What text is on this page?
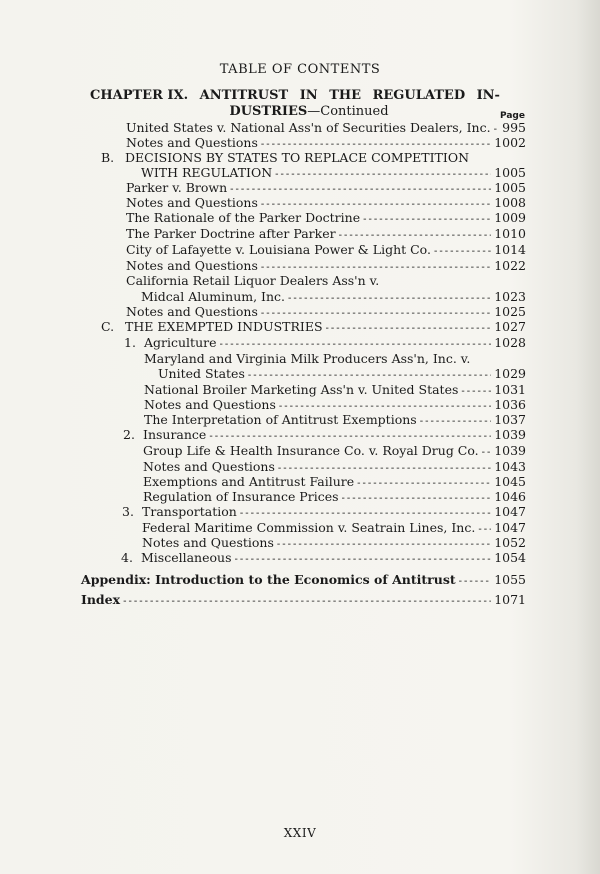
TABLE OF CONTENTS
CHAPTER IX. ANTITRUST IN THE REGULATED IN-
DUSTRIES—Continued	Page
United States v. National Ass'n of Securities Dealers, Inc. ----- 995
Notes and Questions -----	1002
B. DECISIONS BY STATES TO REPLACE COMPETITION
WITH REGULATION -----	1005
Parker v. Brown -----	1005
Notes and Questions -----	1008
The Rationale of the Parker Doctrine -----	1009
The Parker Doctrine after Parker -----	1010
City of Lafayette v. Louisiana Power & Light Co. -----	1014
Notes and Questions -----	1022
California Retail Liquor Dealers Ass'n v.
Midcal Aluminum, Inc. -----	1023
Notes and Questions -----	1025
C. THE EXEMPTED INDUSTRIES -----	1027
1. Agriculture -----	1028
Maryland and Virginia Milk Producers Ass'n, Inc. v.
United States -----	1029
National Broiler Marketing Ass'n v. United States -----	1031
Notes and Questions -----	1036
The Interpretation of Antitrust Exemptions -----	1037
2. Insurance -----	1039
Group Life & Health Insurance Co. v. Royal Drug Co. ----- 1039
Notes and Questions -----	1043
Exemptions and Antitrust Failure -----	1045
Regulation of Insurance Prices -----	1046
3. Transportation -----	1047
Federal Maritime Commission v. Seatrain Lines, Inc. ----- 1047
Notes and Questions -----	1052
4. Miscellaneous -----	1054
Appendix: Introduction to the Economics of Antitrust -----	1055
Index -----	1071
XXIV
